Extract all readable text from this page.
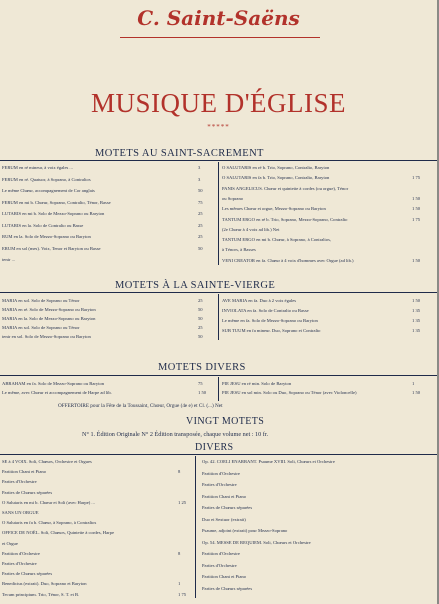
C. Saint-Saëns
MUSIQUE D'ÉGLISE
*****
MOTETS AU SAINT-SACREMENT
FERUM en ré mineur, à voix égales ...	3
FERUM en ré. Quatuor, à Soprano, à Contraltos	3
Le même Chœur, accompagnement de Cor anglais	50
FERUM en mi b. Chœur, Soprano, Contralto, Ténor, Basse	75
LUTARIS en mi b. Solo de Mezzo-Soprano ou Baryton	25
LUTARIS en la. Solo de Contralto ou Basse	25
RUM en la. Solo de Mezzo-Soprano ou Baryton	25
ERUM en sol (mes). Voix, Tenor et Baryton ou Basse	50
tenir ...
O SALUTARIS en ré b. Trio, Soprano, Contralto, Baryton
O SALUTARIS en fa b. Trio, Soprano, Contralto, Baryton	1 75
PANIS ANGELICUS. Chœur et quintette à cordes (ou orgue), Ténor
ou Soprano	1 50
Les mêmes Chœur et orgue, Mezzo-Soprano ou Baryton	1 50
TANTUM ERGO en ré b. Trio, Soprano, Mezzo-Soprano, Contralto	1 75
(2e Chœur à 4 voix ad lib.) Net
TANTUM ERGO en mi b. Chœur, à Soprano, à Contraltos,
à Ténors, à Basses
VENI CREATOR en fa. Chœur à 4 voix d'hommes avec Orgue (ad lib.)	1 50
MOTETS À LA SAINTE-VIERGE
MARIA en sol. Solo de Soprano ou Ténor	25
MARIA en ré. Solo de Mezzo-Soprano ou Baryton	50
MARIA en la. Solo de Mezzo-Soprano ou Baryton	50
MARIA en sol. Solo de Soprano ou Ténor	25
tenir en sol. Solo de Mezzo-Soprano ou Baryton	50
AVE MARIA en fa. Duo à 2 voix égales	1 50
INVIOLATA en fa. Solo de Contralto ou Basse	1 35
Le même en fa. Solo de Mezzo-Soprano ou Baryton	1 35
SUB TUUM en fa mineur. Duo, Soprano et Contralto	1 35
MOTETS DIVERS
ABRAHAM en fa. Solo de Mezzo-Soprano ou Baryton	75
Le même, avec Chœur et accompagnement de Harpe ad lib.	1 50
PIE JESU en ré min. Solo de Baryton	1
PIE JESU en sol min. Solo ou Duo, Soprano ou Ténor (avec Violoncelle)	1 50
OFFERTOIRE pour la Fête de la Toussaint, Chœur, Orgue (4e e) et Cl. (...) Net
VINGT MOTETS
N° 1. Édition Originale N° 2 Édition transposée, chaque volume net : 10 fr.
DIVERS
SE à 4 VOIX. Soli, Chœurs, Orchestre et Orgues
Partition Chant et Piano	8
Parties d'Orchestre
Parties de Chœurs séparées
O Salutaris en mi b. Chœur et Soli (avec Harpe) ...	1 25
SANS UN ORGUE
O Salutaris en fa b. Chœur, à Soprano, à Contraltos
OFFICE DE NOËL. Soli, Chœurs, Quintette à cordes, Harpe
et Orgue
Partition d'Orchestre	8
Parties d'Orchestre
Parties de Chœurs séparées
Benedictus (extrait). Duo, Soprano et Baryton	1
Tecum principium. Trio, Ténor, S. T. et B.	1 75
Op. 42. COELI ENARRANT. Psaume XVIII. Soli, Chœurs et Orchestre
Partition d'Orchestre
Parties d'Orchestre
Partition Chant et Piano
Parties de Chœurs séparées
Duo et Sextuor (extrait)
Psaume, adjoint (extrait) pour Mezzo-Soprano
Op. 54. MESSE DE REQUIEM. Soli, Chœurs et Orchestre
Partition d'Orchestre
Parties d'Orchestre
Partition Chant et Piano
Parties de Chœurs séparées
